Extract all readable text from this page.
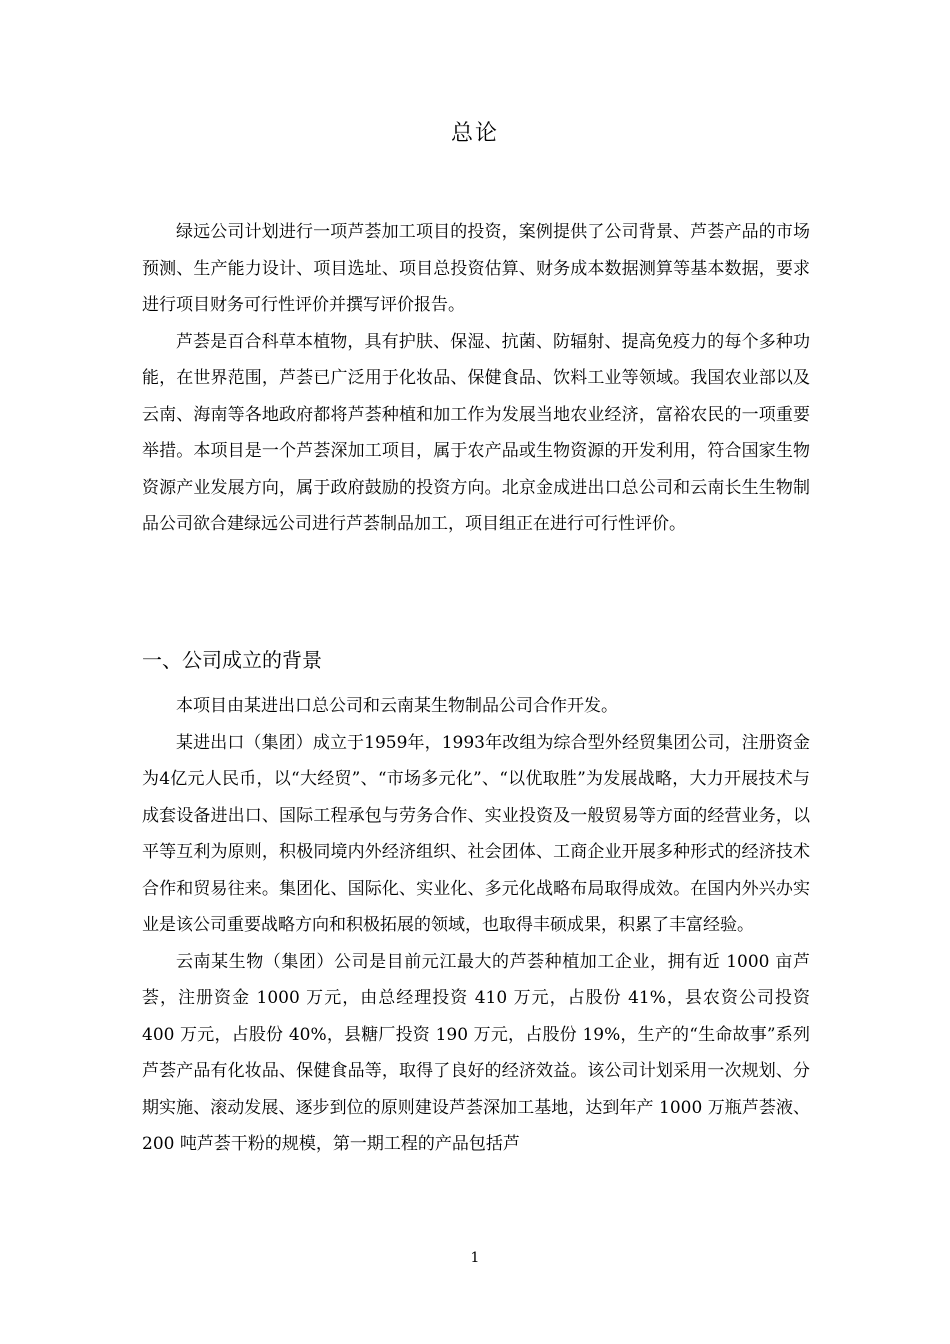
总论

绿远公司计划进行一项芦荟加工项目的投资，案例提供了公司背景、芦荟产品的市场预测、生产能力设计、项目选址、项目总投资估算、财务成本数据测算等基本数据，要求进行项目财务可行性评价并撰写评价报告。

芦荟是百合科草本植物，具有护肤、保湿、抗菌、防辐射、提高免疫力的每个多种功能，在世界范围，芦荟已广泛用于化妆品、保健食品、饮料工业等领域。我国农业部以及云南、海南等各地政府都将芦荟种植和加工作为发展当地农业经济，富裕农民的一项重要举措。本项目是一个芦荟深加工项目，属于农产品或生物资源的开发利用，符合国家生物资源产业发展方向，属于政府鼓励的投资方向。北京金成进出口总公司和云南长生生物制品公司欲合建绿远公司进行芦荟制品加工，项目组正在进行可行性评价。

一、公司成立的背景

本项目由某进出口总公司和云南某生物制品公司合作开发。

某进出口（集团）成立于1959年，1993年改组为综合型外经贸集团公司，注册资金为4亿元人民币，以“大经贸”、“市场多元化”、“以优取胜”为发展战略，大力开展技术与成套设备进出口、国际工程承包与劳务合作、实业投资及一般贸易等方面的经营业务，以平等互利为原则，积极同境内外经济组织、社会团体、工商企业开展多种形式的经济技术合作和贸易往来。集团化、国际化、实业化、多元化战略布局取得成效。在国内外兴办实业是该公司重要战略方向和积极拓展的领域，也取得丰硕成果，积累了丰富经验。

云南某生物（集团）公司是目前元江最大的芦荟种植加工企业，拥有近 1000 亩芦荟，注册资金 1000 万元，由总经理投资 410 万元，占股份 41%，县农资公司投资 400 万元，占股份 40%，县糖厂投资 190 万元，占股份 19%，生产的“生命故事”系列芦荟产品有化妆品、保健食品等，取得了良好的经济效益。该公司计划采用一次规划、分期实施、滚动发展、逐步到位的原则建设芦荟深加工基地，达到年产 1000 万瓶芦荟液、200 吨芦荟干粉的规模，第一期工程的产品包括芦

1
